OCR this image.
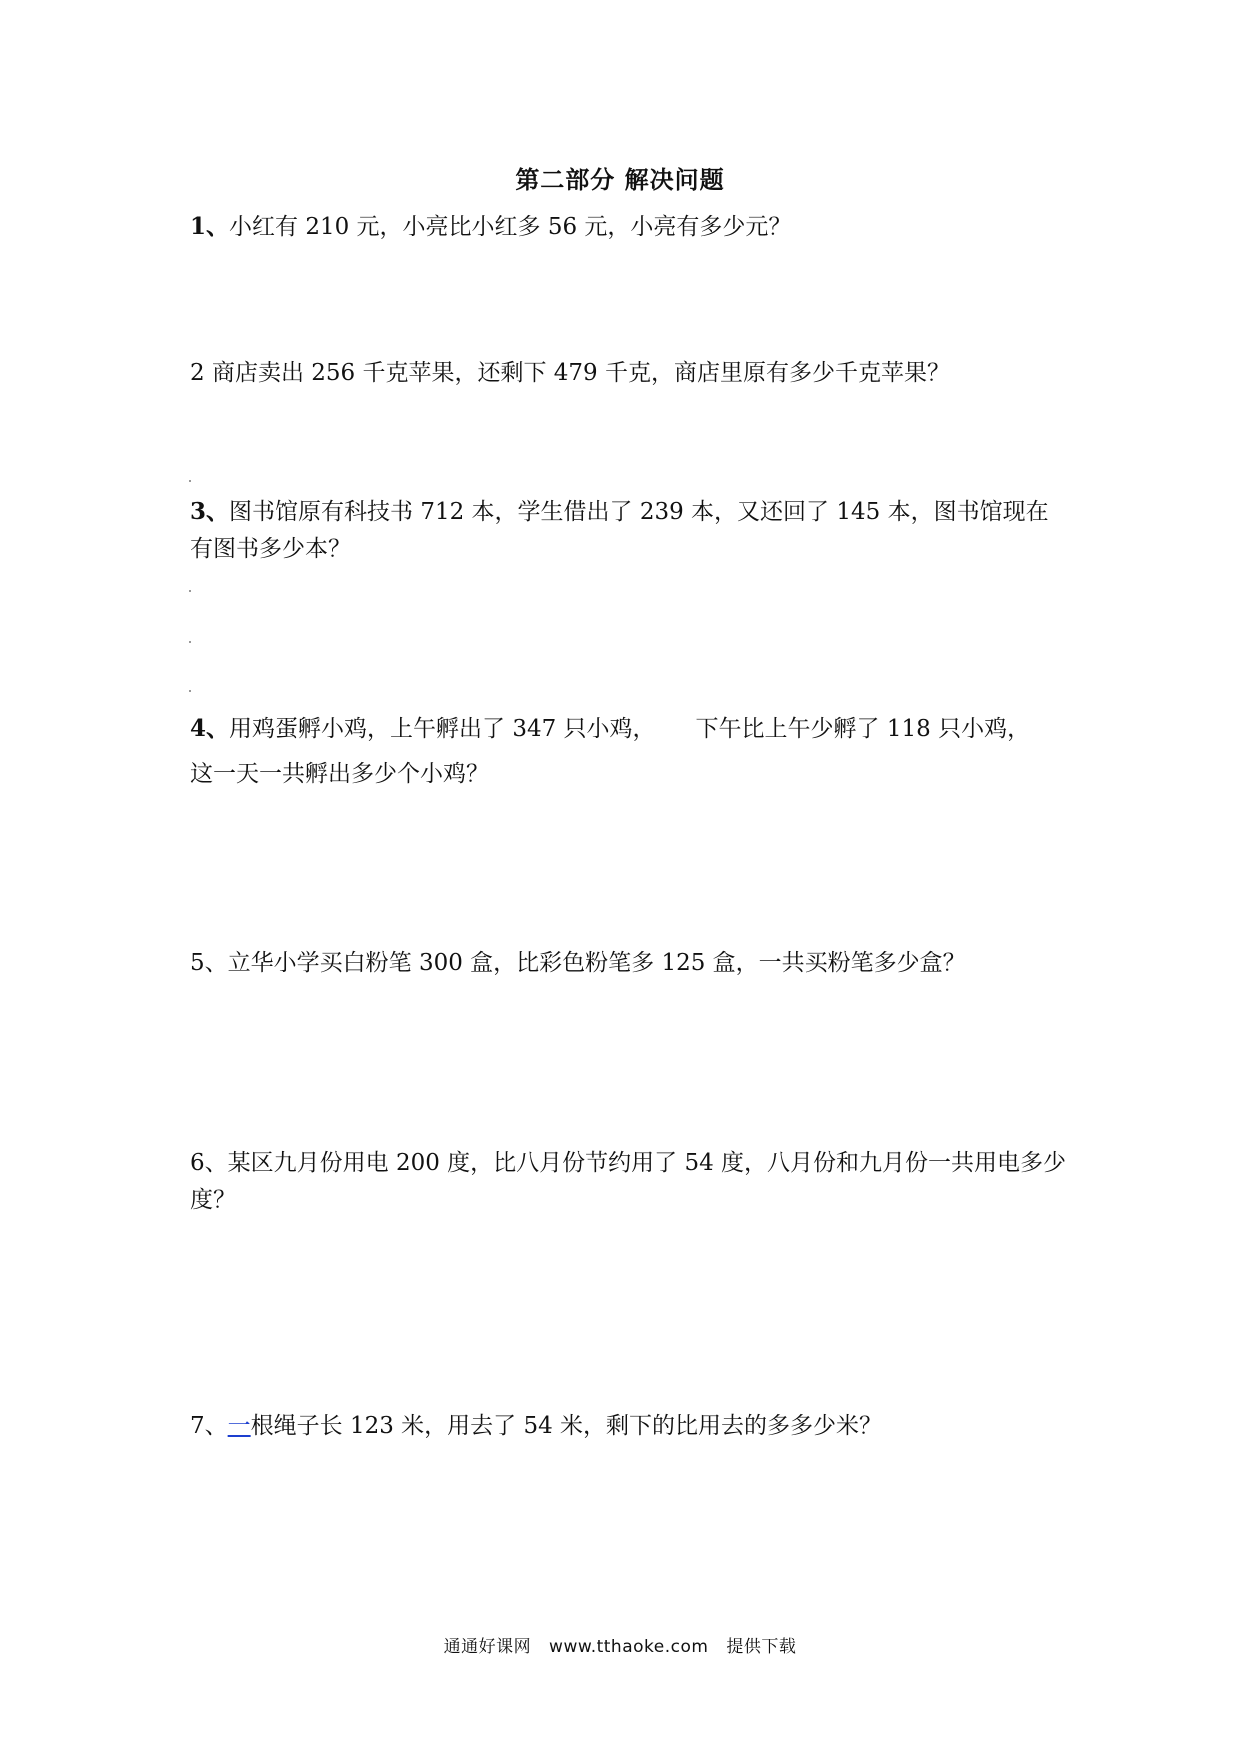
第二部分 解决问题
1、小红有 210 元，小亮比小红多 56 元，小亮有多少元？
2 商店卖出 256 千克苹果，还剩下 479 千克，商店里原有多少千克苹果？
3、图书馆原有科技书 712 本，学生借出了 239 本，又还回了 145 本，图书馆现在有图书多少本？
4、用鸡蛋孵小鸡，上午孵出了 347 只小鸡， 下午比上午少孵了 118 只小鸡，
这一天一共孵出多少个小鸡？
5、立华小学买白粉笔 300 盒，比彩色粉笔多 125 盒，一共买粉笔多少盒？
6、某区九月份用电 200 度，比八月份节约用了 54 度，八月份和九月份一共用电多少度？
7、一根绳子长 123 米，用去了 54 米，剩下的比用去的多多少米？
通通好课网 www.tthaoke.com 提供下载
